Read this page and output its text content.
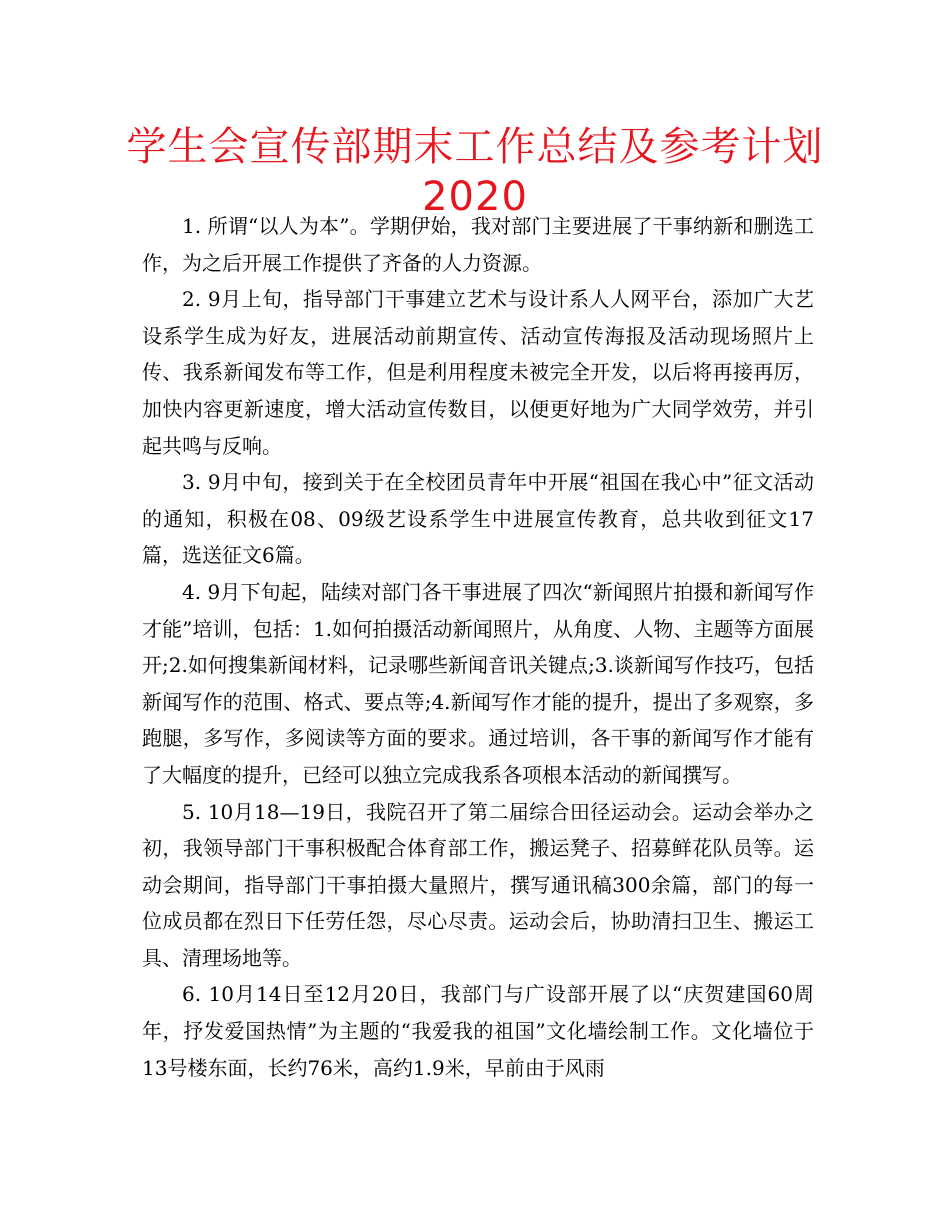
学生会宣传部期末工作总结及参考计划
2020

1. 所谓“以人为本”。学期伊始，我对部门主要进展了干事纳新和删选工作，为之后开展工作提供了齐备的人力资源。

2. 9月上旬，指导部门干事建立艺术与设计系人人网平台，添加广大艺设系学生成为好友，进展活动前期宣传、活动宣传海报及活动现场照片上传、我系新闻发布等工作，但是利用程度未被完全开发，以后将再接再厉，加快内容更新速度，增大活动宣传数目，以便更好地为广大同学效劳，并引起共鸣与反响。

3. 9月中旬，接到关于在全校团员青年中开展“祖国在我心中”征文活动的通知，积极在08、09级艺设系学生中进展宣传教育，总共收到征文17篇，选送征文6篇。

4. 9月下旬起，陆续对部门各干事进展了四次“新闻照片拍摄和新闻写作才能”培训，包括：1.如何拍摄活动新闻照片，从角度、人物、主题等方面展开;2.如何搜集新闻材料，记录哪些新闻音讯关键点;3.谈新闻写作技巧，包括新闻写作的范围、格式、要点等;4.新闻写作才能的提升，提出了多观察，多跑腿，多写作，多阅读等方面的要求。通过培训，各干事的新闻写作才能有了大幅度的提升，已经可以独立完成我系各项根本活动的新闻撰写。

5. 10月18—19日，我院召开了第二届综合田径运动会。运动会举办之初，我领导部门干事积极配合体育部工作，搬运凳子、招募鲜花队员等。运动会期间，指导部门干事拍摄大量照片，撰写通讯稿300余篇，部门的每一位成员都在烈日下任劳任怨，尽心尽责。运动会后，协助清扫卫生、搬运工具、清理场地等。

6. 10月14日至12月20日，我部门与广设部开展了以“庆贺建国60周年，抒发爱国热情”为主题的“我爱我的祖国”文化墙绘制工作。文化墙位于13号楼东面，长约76米，高约1.9米，早前由于风雨
